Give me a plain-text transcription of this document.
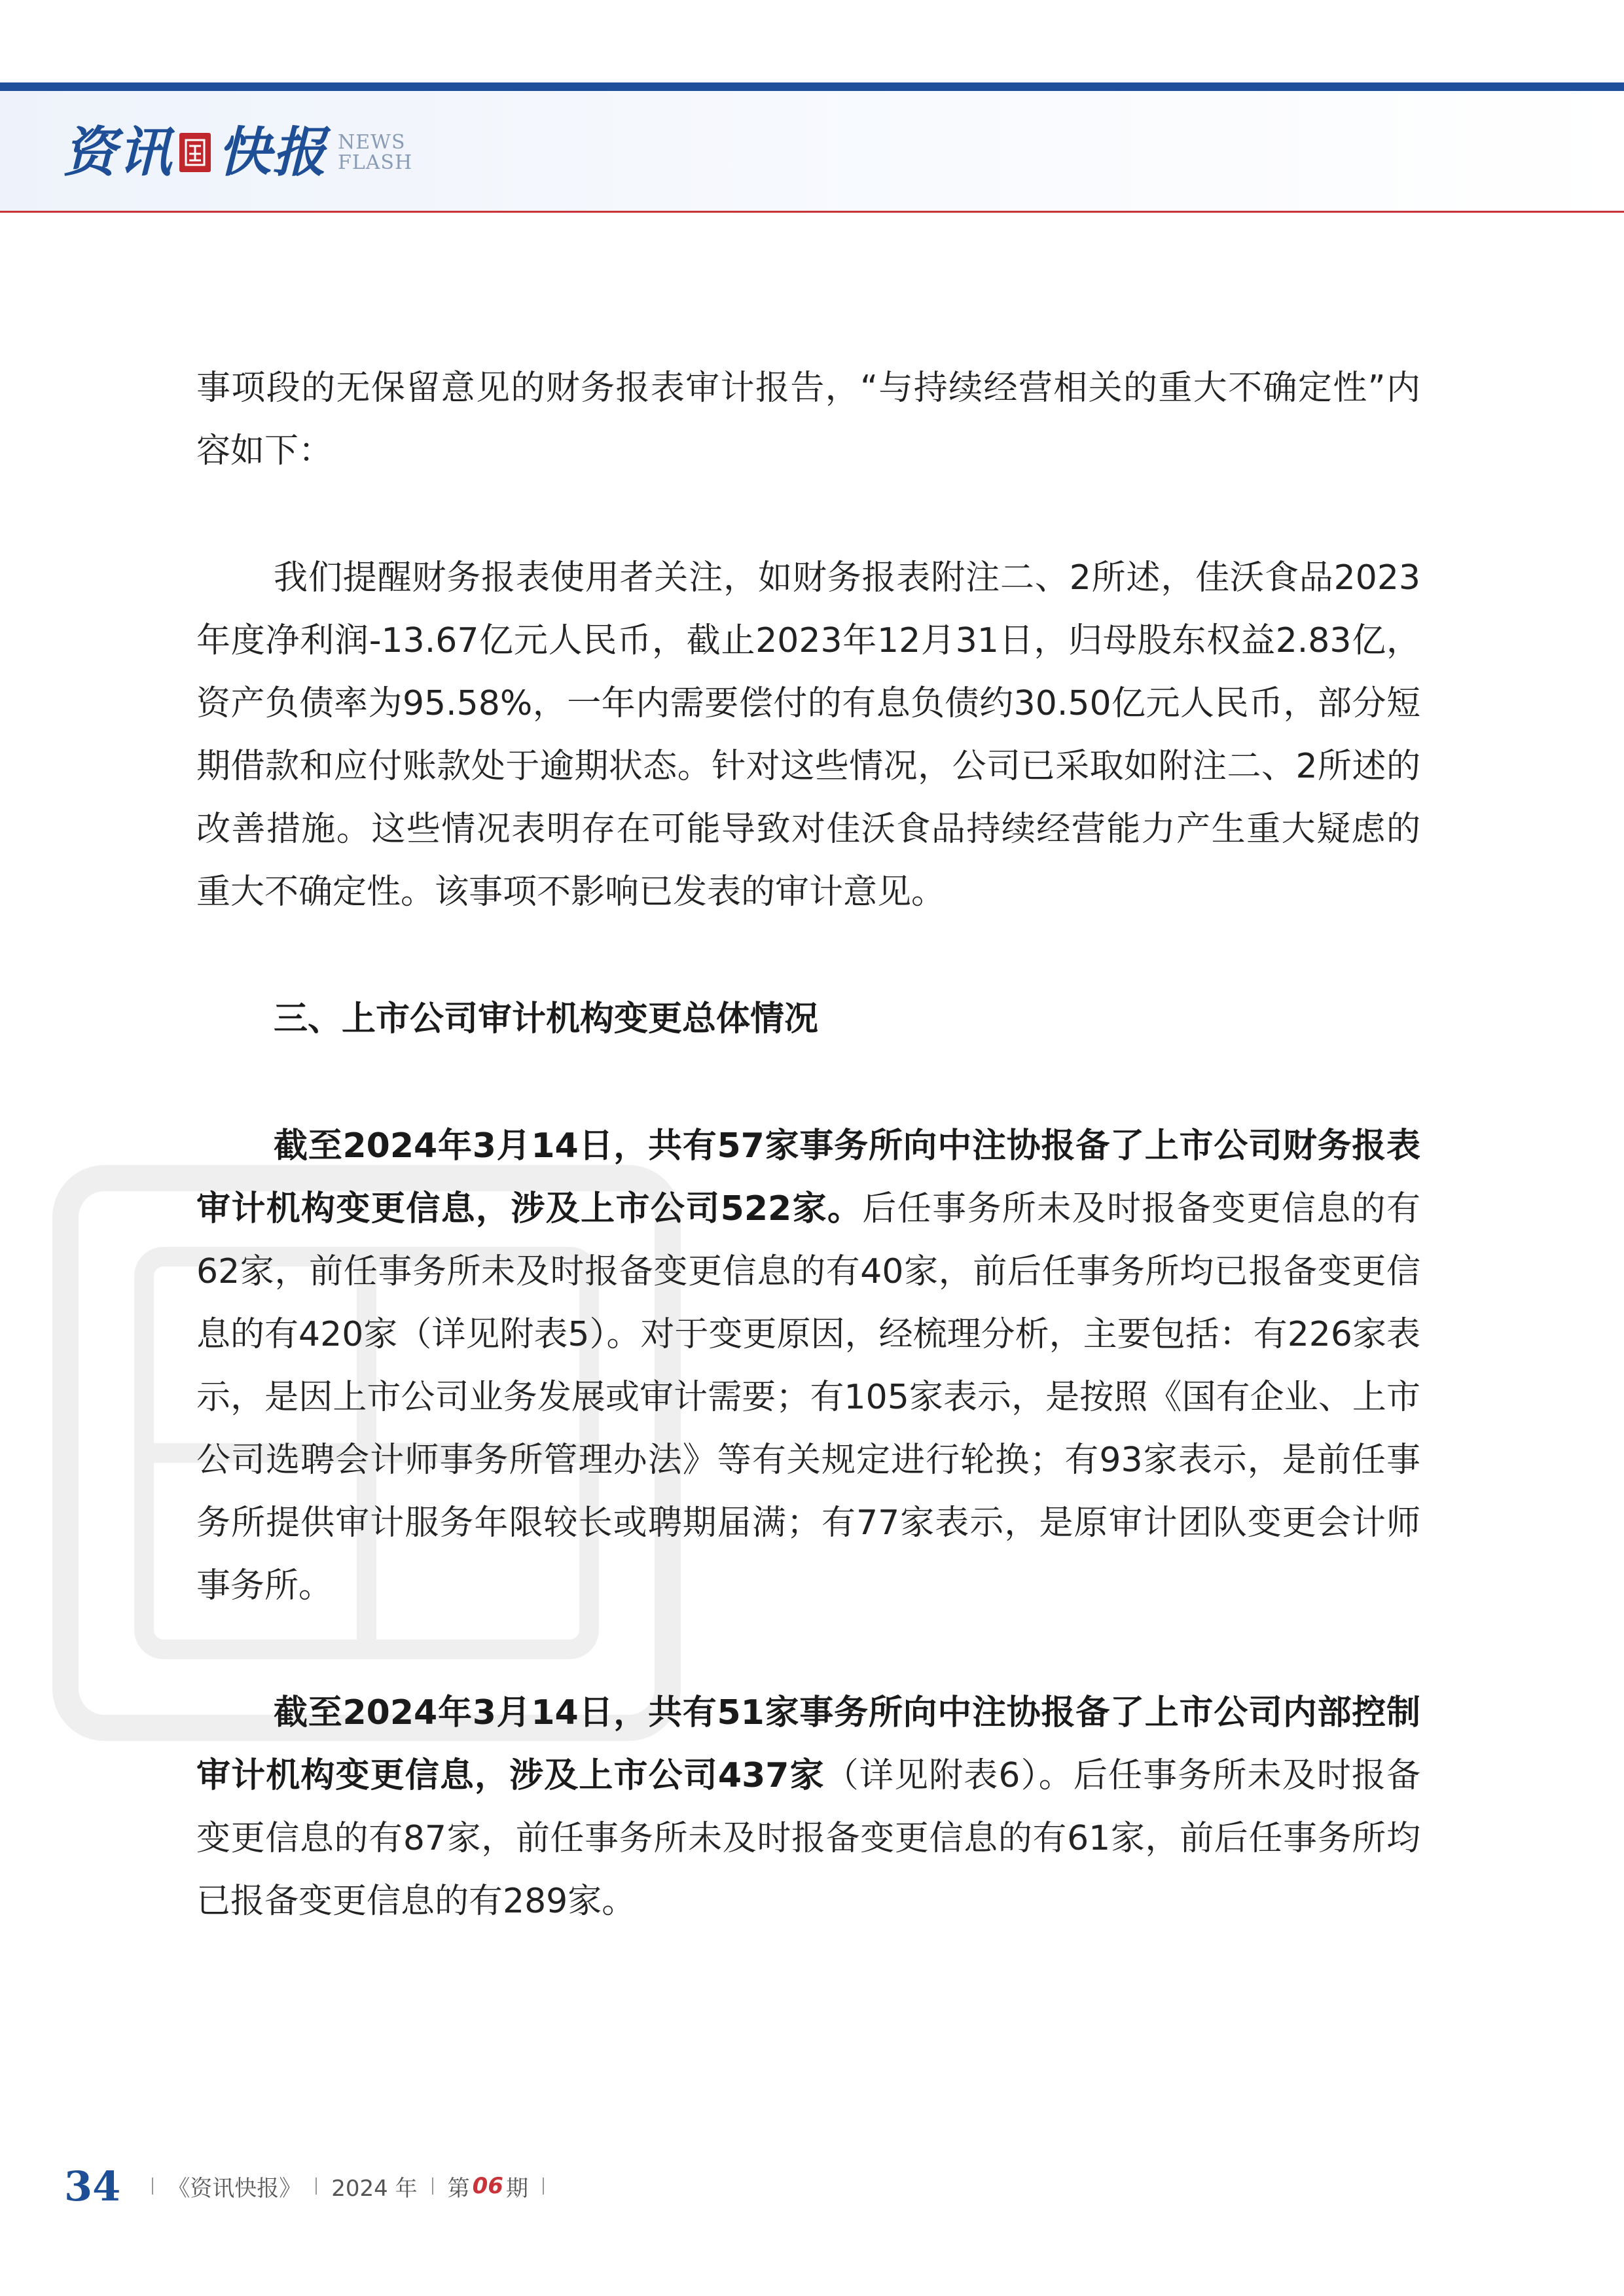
资讯 快报 NEWS
FLASH

事项段的无保留意见的财务报表审计报告，“与持续经营相关的重大不确定性”内容如下：

我们提醒财务报表使用者关注，如财务报表附注二、2所述，佳沃食品2023年度净利润-13.67亿元人民币，截止2023年12月31日，归母股东权益2.83亿，资产负债率为95.58%，一年内需要偿付的有息负债约30.50亿元人民币，部分短期借款和应付账款处于逾期状态。针对这些情况，公司已采取如附注二、2所述的改善措施。这些情况表明存在可能导致对佳沃食品持续经营能力产生重大疑虑的重大不确定性。该事项不影响已发表的审计意见。

三、上市公司审计机构变更总体情况

截至2024年3月14日，共有57家事务所向中注协报备了上市公司财务报表审计机构变更信息，涉及上市公司522家。后任事务所未及时报备变更信息的有62家，前任事务所未及时报备变更信息的有40家，前后任事务所均已报备变更信息的有420家（详见附表5）。对于变更原因，经梳理分析，主要包括：有226家表示，是因上市公司业务发展或审计需要；有105家表示，是按照《国有企业、上市公司选聘会计师事务所管理办法》等有关规定进行轮换；有93家表示，是前任事务所提供审计服务年限较长或聘期届满；有77家表示，是原审计团队变更会计师事务所。

截至2024年3月14日，共有51家事务所向中注协报备了上市公司内部控制审计机构变更信息，涉及上市公司437家（详见附表6）。后任事务所未及时报备变更信息的有87家，前任事务所未及时报备变更信息的有61家，前后任事务所均已报备变更信息的有289家。

34 《资讯快报》 2024 年 第 06 期
